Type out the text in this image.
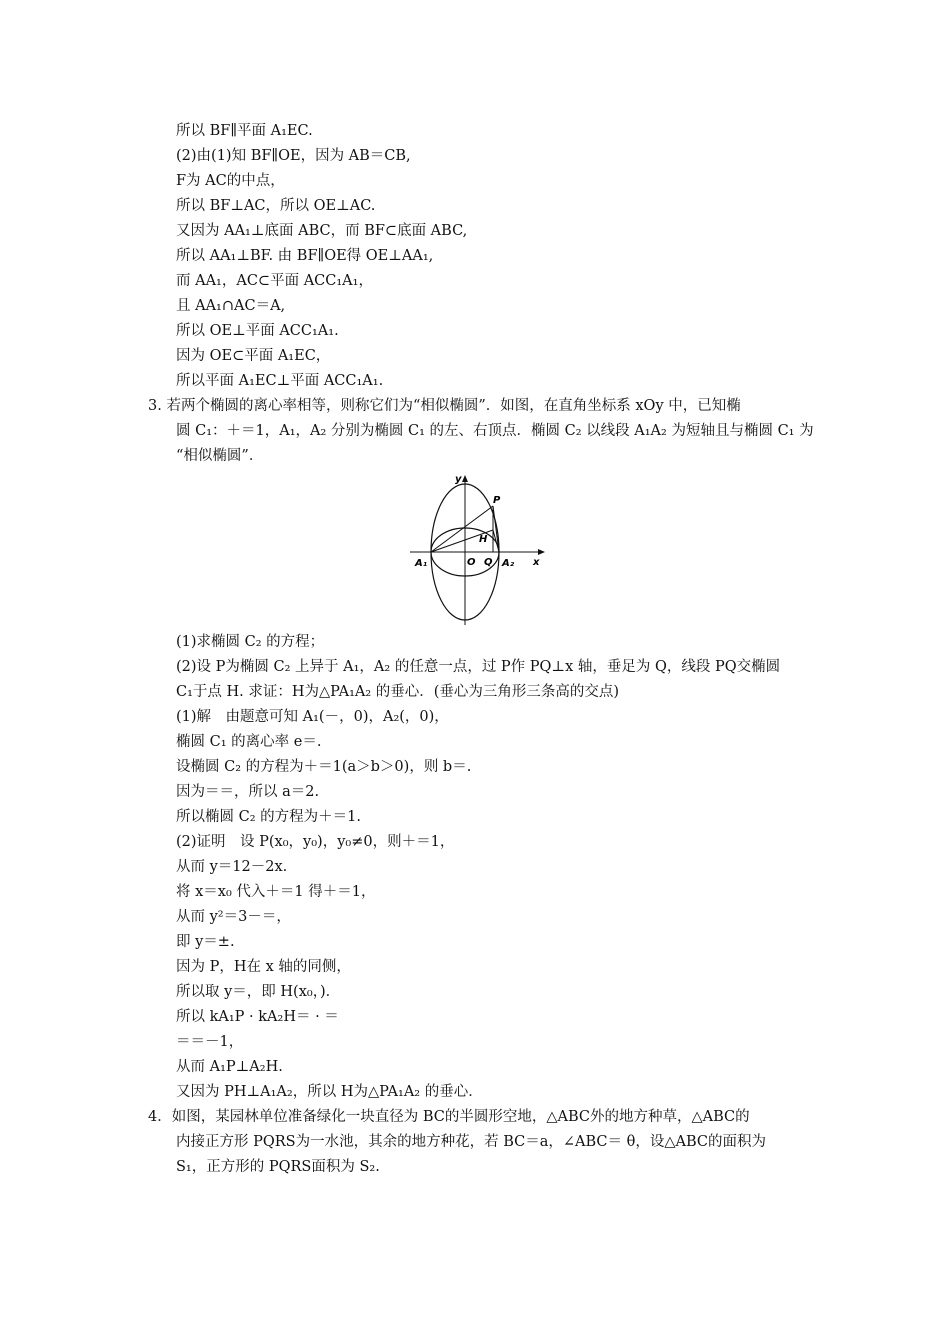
所以 BF∥平面 A₁EC.
(2)由(1)知 BF∥OE，因为 AB＝CB,
F为 AC的中点，
所以 BF⊥AC，所以 OE⊥AC.
又因为 AA₁⊥底面 ABC，而 BF⊂底面 ABC,
所以 AA₁⊥BF. 由 BF∥OE得 OE⊥AA₁,
而 AA₁，AC⊂平面 ACC₁A₁，
且 AA₁∩AC＝A,
所以 OE⊥平面 ACC₁A₁.
因为 OE⊂平面 A₁EC，
所以平面 A₁EC⊥平面 ACC₁A₁.
3. 若两个椭圆的离心率相等，则称它们为“相似椭圆”．如图，在直角坐标系 xOy 中，已知椭
圆 C₁：＋＝1，A₁，A₂ 分别为椭圆 C₁ 的左、右顶点．椭圆 C₂ 以线段 A₁A₂ 为短轴且与椭圆 C₁ 为
“相似椭圆”．
y
x
P
H
O Q
A₁	A₂
(1)求椭圆 C₂ 的方程；
(2)设 P为椭圆 C₂ 上异于 A₁，A₂ 的任意一点，过 P作 PQ⊥x 轴，垂足为 Q，线段 PQ交椭圆
C₁于点 H. 求证：H为△PA₁A₂ 的垂心．(垂心为三角形三条高的交点)
(1)解　由题意可知 A₁(－，0)，A₂(，0)，
椭圆 C₁ 的离心率 e＝.
设椭圆 C₂ 的方程为＋＝1(a＞b＞0)，则 b＝.
因为＝＝，所以 a＝2.
所以椭圆 C₂ 的方程为＋＝1.
(2)证明　设 P(x₀，y₀)，y₀≠0，则＋＝1，
从而 y＝12－2x.
将 x＝x₀ 代入＋＝1 得＋＝1，
从而 y²＝3－＝，
即 y＝±.
因为 P，H在 x 轴的同侧，
所以取 y＝，即 H(x₀，)．
所以 kA₁P · kA₂H＝ · ＝
＝＝－1，
从而 A₁P⊥A₂H.
又因为 PH⊥A₁A₂，所以 H为△PA₁A₂ 的垂心．
4．如图，某园林单位准备绿化一块直径为 BC的半圆形空地，△ABC外的地方种草，△ABC的
内接正方形 PQRS为一水池，其余的地方种花，若 BC＝a，∠ABC＝ θ，设△ABC的面积为
S₁，正方形的 PQRS面积为 S₂.
